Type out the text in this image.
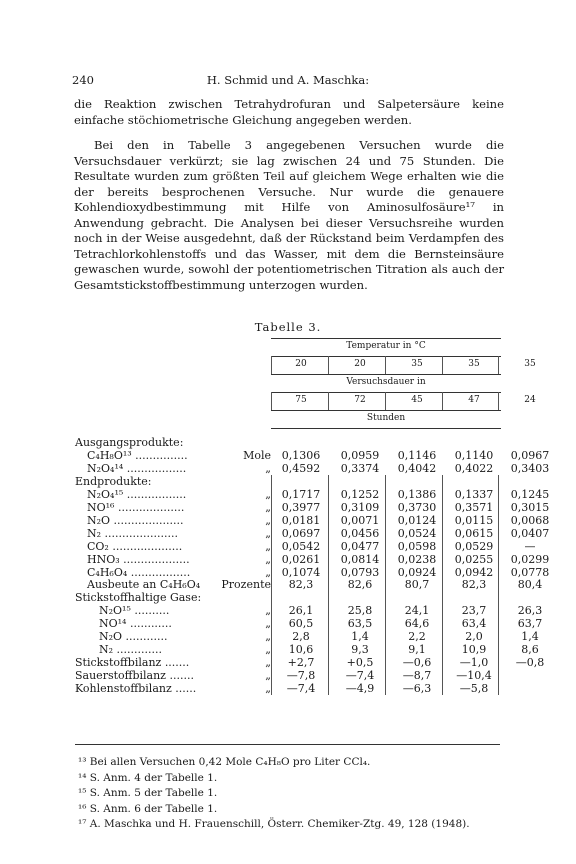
240	H. Schmid und A. Maschka:
die Reaktion zwischen Tetrahydrofuran und Salpetersäure keine einfache stöchiometrische Gleichung angegeben werden.
Bei den in Tabelle 3 angegebenen Versuchen wurde die Versuchsdauer verkürzt; sie lag zwischen 24 und 75 Stunden. Die Resultate wurden zum größten Teil auf gleichem Wege erhalten wie die der bereits besprochenen Versuche. Nur wurde die genauere Kohlendioxydbestimmung mit Hilfe von Aminosulfosäure¹⁷ in Anwendung gebracht. Die Analysen bei dieser Versuchsreihe wurden noch in der Weise ausgedehnt, daß der Rückstand beim Verdampfen des Tetrachlorkohlenstoffs und das Wasser, mit dem die Bernsteinsäure gewaschen wurde, sowohl der potentiometrischen Titration als auch der Gesamtstickstoffbestimmung unterzogen wurden.
Tabelle 3.
Temperatur in °C
20	20	35	35	35
Versuchsdauer in
75	72	45	47	24
Stunden
Ausgangsprodukte:
C₄H₈O¹³ ...............	Mole 0,1306	0,0959	0,1146	0,1140	0,0967
N₂O₄¹⁴ .................	„ 0,4592	0,3374	0,4042	0,4022	0,3403
Endprodukte:
N₂O₄¹⁵ .................	„ 0,1717	0,1252	0,1386	0,1337	0,1245
NO¹⁶ ...................	„ 0,3977	0,3109	0,3730	0,3571	0,3015
N₂O ....................	„ 0,0181	0,0071	0,0124	0,0115	0,0068
N₂ .....................	„ 0,0697	0,0456	0,0524	0,0615	0,0407
CO₂ ....................	„ 0,0542	0,0477	0,0598	0,0529	—
HNO₃ ...................	„ 0,0261	0,0814	0,0238	0,0255	0,0299
C₄H₆O₄ .................	„ 0,1074	0,0793	0,0924	0,0942	0,0778
Ausbeute an C₄H₆O₄	Prozente	82,3	82,6	80,7	82,3	80,4
Stickstoffhaltige Gase:
N₂O¹⁵ ..........	„	26,1	25,8	24,1	23,7	26,3
NO¹⁴ ............	„	60,5	63,5	64,6	63,4	63,7
N₂O ............	„	2,8	1,4	2,2	2,0	1,4
N₂ .............	„	10,6	9,3	9,1	10,9	8,6
Stickstoffbilanz .......	„	+2,7	+0,5	—0,6	—1,0	—0,8
Sauerstoffbilanz .......	„	—7,8	—7,4	—8,7	—10,4
Kohlenstoffbilanz ......	„	—7,4	—4,9	—6,3	—5,8
¹³ Bei allen Versuchen 0,42 Mole C₄H₈O pro Liter CCl₄.
¹⁴ S. Anm. 4 der Tabelle 1.
¹⁵ S. Anm. 5 der Tabelle 1.
¹⁶ S. Anm. 6 der Tabelle 1.
¹⁷ A. Maschka und H. Frauenschill, Österr. Chemiker-Ztg. 49, 128 (1948).
